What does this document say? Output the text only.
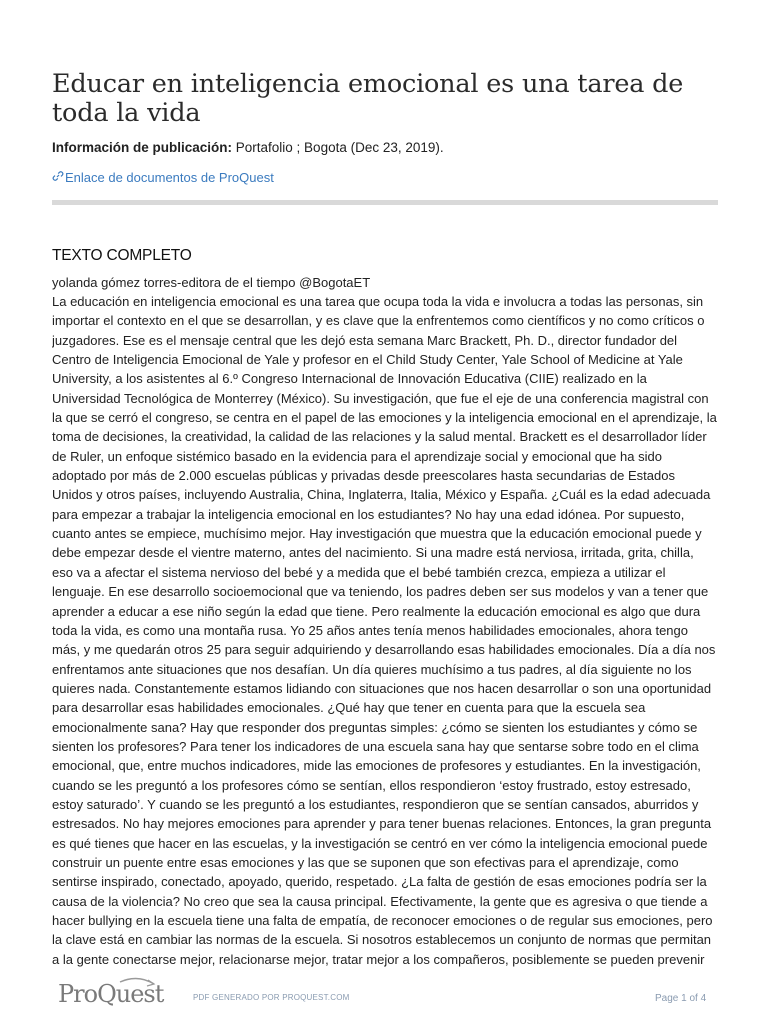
Educar en inteligencia emocional es una tarea de toda la vida
Información de publicación: Portafolio ; Bogota (Dec 23, 2019).
Enlace de documentos de ProQuest
TEXTO COMPLETO
yolanda gómez torres-editora de el tiempo @BogotaET

La educación en inteligencia emocional es una tarea que ocupa toda la vida e involucra a todas las personas, sin importar el contexto en el que se desarrollan, y es clave que la enfrentemos como científicos y no como críticos o juzgadores. Ese es el mensaje central que les dejó esta semana Marc Brackett, Ph. D., director fundador del Centro de Inteligencia Emocional de Yale y profesor en el Child Study Center, Yale School of Medicine at Yale University, a los asistentes al 6.º Congreso Internacional de Innovación Educativa (CIIE) realizado en la Universidad Tecnológica de Monterrey (México). Su investigación, que fue el eje de una conferencia magistral con la que se cerró el congreso, se centra en el papel de las emociones y la inteligencia emocional en el aprendizaje, la toma de decisiones, la creatividad, la calidad de las relaciones y la salud mental. Brackett es el desarrollador líder de Ruler, un enfoque sistémico basado en la evidencia para el aprendizaje social y emocional que ha sido adoptado por más de 2.000 escuelas públicas y privadas desde preescolares hasta secundarias de Estados Unidos y otros países, incluyendo Australia, China, Inglaterra, Italia, México y España. ¿Cuál es la edad adecuada para empezar a trabajar la inteligencia emocional en los estudiantes? No hay una edad idónea. Por supuesto, cuanto antes se empiece, muchísimo mejor. Hay investigación que muestra que la educación emocional puede y debe empezar desde el vientre materno, antes del nacimiento. Si una madre está nerviosa, irritada, grita, chilla, eso va a afectar el sistema nervioso del bebé y a medida que el bebé también crezca, empieza a utilizar el lenguaje. En ese desarrollo socioemocional que va teniendo, los padres deben ser sus modelos y van a tener que aprender a educar a ese niño según la edad que tiene. Pero realmente la educación emocional es algo que dura toda la vida, es como una montaña rusa. Yo 25 años antes tenía menos habilidades emocionales, ahora tengo más, y me quedarán otros 25 para seguir adquiriendo y desarrollando esas habilidades emocionales. Día a día nos enfrentamos ante situaciones que nos desafían. Un día quieres muchísimo a tus padres, al día siguiente no los quieres nada. Constantemente estamos lidiando con situaciones que nos hacen desarrollar o son una oportunidad para desarrollar esas habilidades emocionales. ¿Qué hay que tener en cuenta para que la escuela sea emocionalmente sana? Hay que responder dos preguntas simples: ¿cómo se sienten los estudiantes y cómo se sienten los profesores? Para tener los indicadores de una escuela sana hay que sentarse sobre todo en el clima emocional, que, entre muchos indicadores, mide las emociones de profesores y estudiantes. En la investigación, cuando se les preguntó a los profesores cómo se sentían, ellos respondieron ‘estoy frustrado, estoy estresado, estoy saturado’. Y cuando se les preguntó a los estudiantes, respondieron que se sentían cansados, aburridos y estresados. No hay mejores emociones para aprender y para tener buenas relaciones. Entonces, la gran pregunta es qué tienes que hacer en las escuelas, y la investigación se centró en ver cómo la inteligencia emocional puede construir un puente entre esas emociones y las que se suponen que son efectivas para el aprendizaje, como sentirse inspirado, conectado, apoyado, querido, respetado. ¿La falta de gestión de esas emociones podría ser la causa de la violencia? No creo que sea la causa principal. Efectivamente, la gente que es agresiva o que tiende a hacer bullying en la escuela tiene una falta de empatía, de reconocer emociones o de regular sus emociones, pero la clave está en cambiar las normas de la escuela. Si nosotros establecemos un conjunto de normas que permitan a la gente conectarse mejor, relacionarse mejor, tratar mejor a los compañeros, posiblemente se pueden prevenir

ProQuest	PDF GENERADO POR PROQUEST.COM	Page 1 of 4
